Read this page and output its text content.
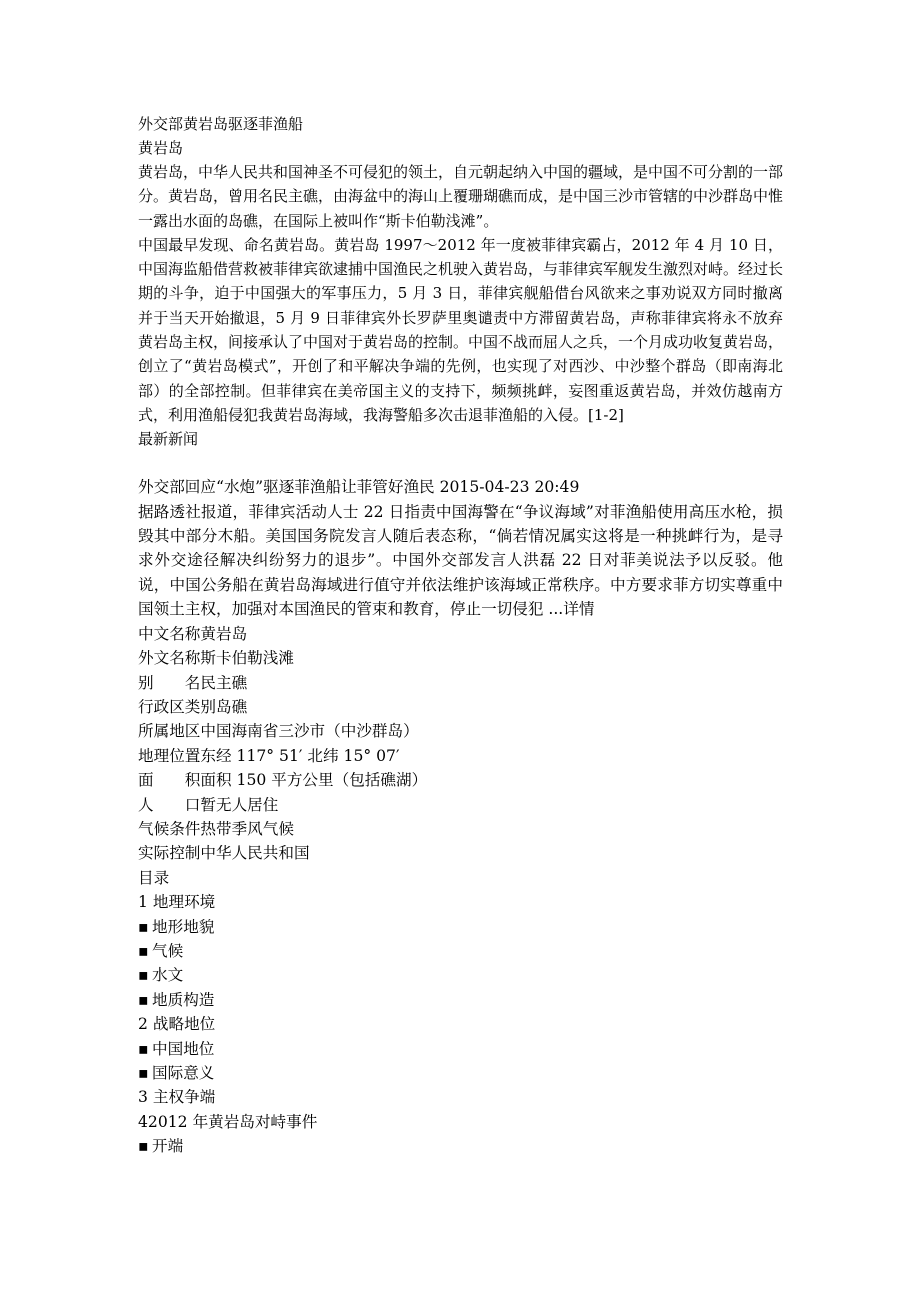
外交部黄岩岛驱逐菲渔船
黄岩岛

黄岩岛，中华人民共和国神圣不可侵犯的领土，自元朝起纳入中国的疆域，是中国不可分割的一部分。黄岩岛，曾用名民主礁，由海盆中的海山上覆珊瑚礁而成，是中国三沙市管辖的中沙群岛中惟一露出水面的岛礁，在国际上被叫作“斯卡伯勒浅滩”。

中国最早发现、命名黄岩岛。黄岩岛 1997～2012 年一度被菲律宾霸占，2012 年 4 月 10 日，中国海监船借营救被菲律宾欲逮捕中国渔民之机驶入黄岩岛，与菲律宾军舰发生激烈对峙。经过长期的斗争，迫于中国强大的军事压力，5 月 3 日，菲律宾舰船借台风欲来之事劝说双方同时撤离并于当天开始撤退，5 月 9 日菲律宾外长罗萨里奥谴责中方滞留黄岩岛，声称菲律宾将永不放弃黄岩岛主权，间接承认了中国对于黄岩岛的控制。中国不战而屈人之兵，一个月成功收复黄岩岛，创立了“黄岩岛模式”，开创了和平解决争端的先例，也实现了对西沙、中沙整个群岛（即南海北部）的全部控制。但菲律宾在美帝国主义的支持下，频频挑衅，妄图重返黄岩岛，并效仿越南方式，利用渔船侵犯我黄岩岛海域，我海警船多次击退菲渔船的入侵。[1-2]

最新新闻
外交部回应“水炮”驱逐菲渔船让菲管好渔民 2015-04-23 20:49

据路透社报道，菲律宾活动人士 22 日指责中国海警在“争议海域”对菲渔船使用高压水枪，损毁其中部分木船。美国国务院发言人随后表态称，“倘若情况属实这将是一种挑衅行为，是寻求外交途径解决纠纷努力的退步”。中国外交部发言人洪磊 22 日对菲美说法予以反驳。他说，中国公务船在黄岩岛海域进行值守并依法维护该海域正常秩序。中方要求菲方切实尊重中国领土主权，加强对本国渔民的管束和教育，停止一切侵犯 ...详情

中文名称黄岩岛
外文名称斯卡伯勒浅滩
别　　名民主礁
行政区类别岛礁
所属地区中国海南省三沙市（中沙群岛）
地理位置东经 117° 51′ 北纬 15° 07′
面　　积面积 150 平方公里（包括礁湖）
人　　口暂无人居住
气候条件热带季风气候
实际控制中华人民共和国
目录
1 地理环境
▪ 地形地貌
▪ 气候
▪ 水文
▪ 地质构造
2 战略地位
▪ 中国地位
▪ 国际意义
3 主权争端
42012 年黄岩岛对峙事件
▪ 开端
